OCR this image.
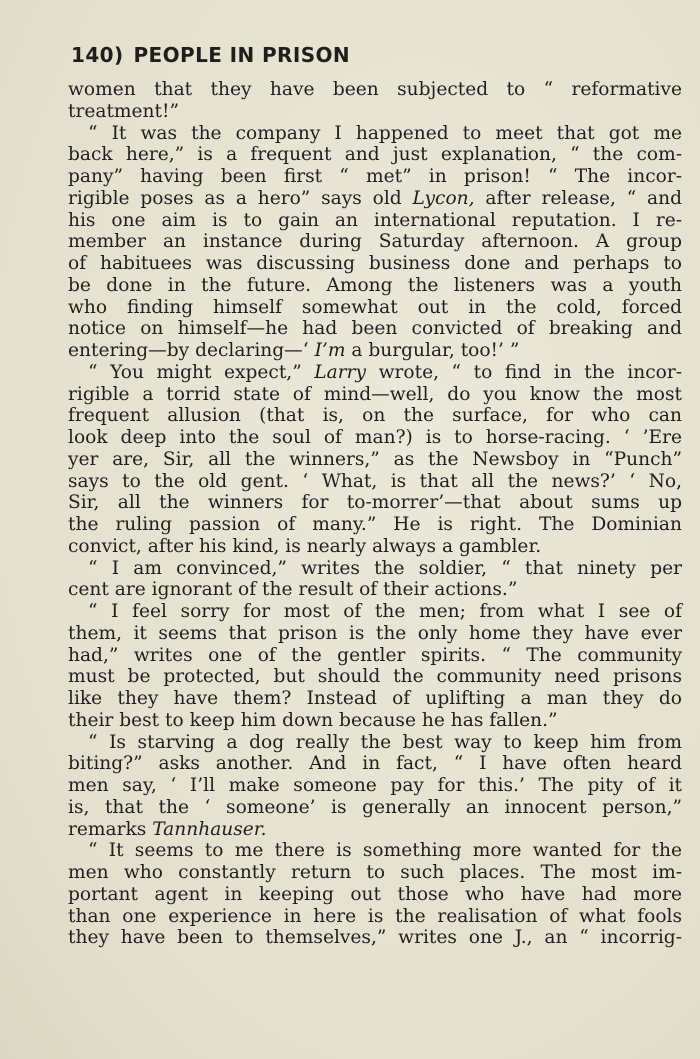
140) PEOPLE IN PRISON
women that they have been subjected to “ reformative
treatment!”
“ It was the company I happened to meet that got me
back here,” is a frequent and just explanation, “ the com-
pany” having been first “ met” in prison! “ The incor-
rigible poses as a hero” says old Lycon, after release, “ and
his one aim is to gain an international reputation. I re-
member an instance during Saturday afternoon. A group
of habituees was discussing business done and perhaps to
be done in the future. Among the listeners was a youth
who finding himself somewhat out in the cold, forced
notice on himself—he had been convicted of breaking and
entering—by declaring—‘ I’m a burgular, too!’ ”
“ You might expect,” Larry wrote, “ to find in the incor-
rigible a torrid state of mind—well, do you know the most
frequent allusion (that is, on the surface, for who can
look deep into the soul of man?) is to horse-racing. ‘ ’Ere
yer are, Sir, all the winners,” as the Newsboy in “Punch”
says to the old gent. ‘ What, is that all the news?’ ‘ No,
Sir, all the winners for to-morrer’—that about sums up
the ruling passion of many.” He is right. The Dominian
convict, after his kind, is nearly always a gambler.
“ I am convinced,” writes the soldier, “ that ninety per
cent are ignorant of the result of their actions.”
“ I feel sorry for most of the men; from what I see of
them, it seems that prison is the only home they have ever
had,” writes one of the gentler spirits. “ The community
must be protected, but should the community need prisons
like they have them? Instead of uplifting a man they do
their best to keep him down because he has fallen.”
“ Is starving a dog really the best way to keep him from
biting?” asks another. And in fact, “ I have often heard
men say, ‘ I’ll make someone pay for this.’ The pity of it
is, that the ‘ someone’ is generally an innocent person,”
remarks Tannhauser.
“ It seems to me there is something more wanted for the
men who constantly return to such places. The most im-
portant agent in keeping out those who have had more
than one experience in here is the realisation of what fools
they have been to themselves,” writes one J., an “ incorrig-
